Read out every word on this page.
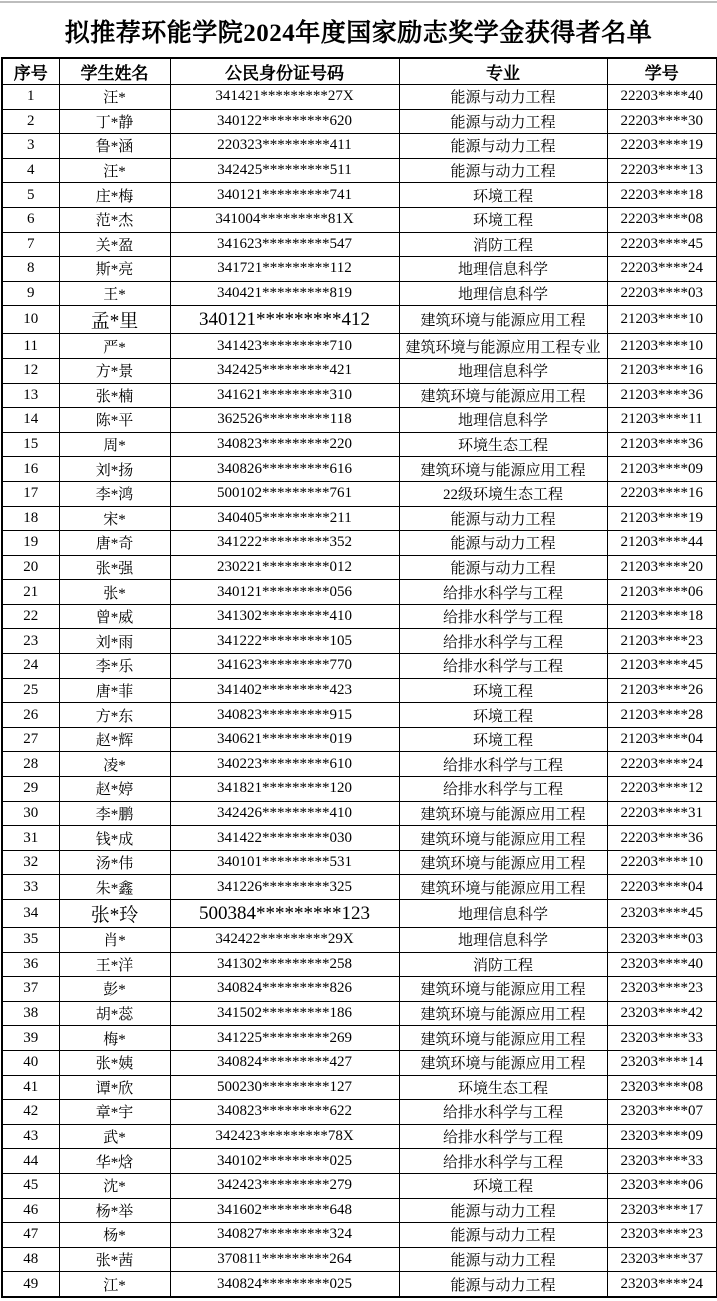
拟推荐环能学院2024年度国家励志奖学金获得者名单
序号	学生姓名	公民身份证号码	专业	学号
1	汪*	341421*********27X	能源与动力工程	22203****40
2	丁*静	340122*********620	能源与动力工程	22203****30
3	鲁*涵	220323*********411	能源与动力工程	22203****19
4	汪*	342425*********511	能源与动力工程	22203****13
5	庄*梅	340121*********741	环境工程	22203****18
6	范*杰	341004*********81X	环境工程	22203****08
7	关*盈	341623*********547	消防工程	22203****45
8	斯*亮	341721*********112	地理信息科学	22203****24
9	王*	340421*********819	地理信息科学	22203****03
10	孟*里	340121*********412	建筑环境与能源应用工程	21203****10
11	严*	341423*********710	建筑环境与能源应用工程专业	21203****10
12	方*景	342425*********421	地理信息科学	21203****16
13	张*楠	341621*********310	建筑环境与能源应用工程	21203****36
14	陈*平	362526*********118	地理信息科学	21203****11
15	周*	340823*********220	环境生态工程	21203****36
16	刘*扬	340826*********616	建筑环境与能源应用工程	21203****09
17	李*鸿	500102*********761	22级环境生态工程	22203****16
18	宋*	340405*********211	能源与动力工程	21203****19
19	唐*奇	341222*********352	能源与动力工程	21203****44
20	张*强	230221*********012	能源与动力工程	21203****20
21	张*	340121*********056	给排水科学与工程	21203****06
22	曾*威	341302*********410	给排水科学与工程	21203****18
23	刘*雨	341222*********105	给排水科学与工程	21203****23
24	李*乐	341623*********770	给排水科学与工程	21203****45
25	唐*菲	341402*********423	环境工程	21203****26
26	方*东	340823*********915	环境工程	21203****28
27	赵*辉	340621*********019	环境工程	21203****04
28	凌*	340223*********610	给排水科学与工程	22203****24
29	赵*婷	341821*********120	给排水科学与工程	22203****12
30	李*鹏	342426*********410	建筑环境与能源应用工程	22203****31
31	钱*成	341422*********030	建筑环境与能源应用工程	22203****36
32	汤*伟	340101*********531	建筑环境与能源应用工程	22203****10
33	朱*鑫	341226*********325	建筑环境与能源应用工程	22203****04
34	张*玲	500384*********123	地理信息科学	23203****45
35	肖*	342422*********29X	地理信息科学	23203****03
36	王*洋	341302*********258	消防工程	23203****40
37	彭*	340824*********826	建筑环境与能源应用工程	23203****23
38	胡*蕊	341502*********186	建筑环境与能源应用工程	23203****42
39	梅*	341225*********269	建筑环境与能源应用工程	23203****33
40	张*姨	340824*********427	建筑环境与能源应用工程	23203****14
41	谭*欣	500230*********127	环境生态工程	23203****08
42	章*宇	340823*********622	给排水科学与工程	23203****07
43	武*	342423*********78X	给排水科学与工程	23203****09
44	华*焓	340102*********025	给排水科学与工程	23203****33
45	沈*	342423*********279	环境工程	23203****06
46	杨*举	341602*********648	能源与动力工程	23203****17
47	杨*	340827*********324	能源与动力工程	23203****23
48	张*茜	370811*********264	能源与动力工程	23203****37
49	江*	340824*********025	能源与动力工程	23203****24
